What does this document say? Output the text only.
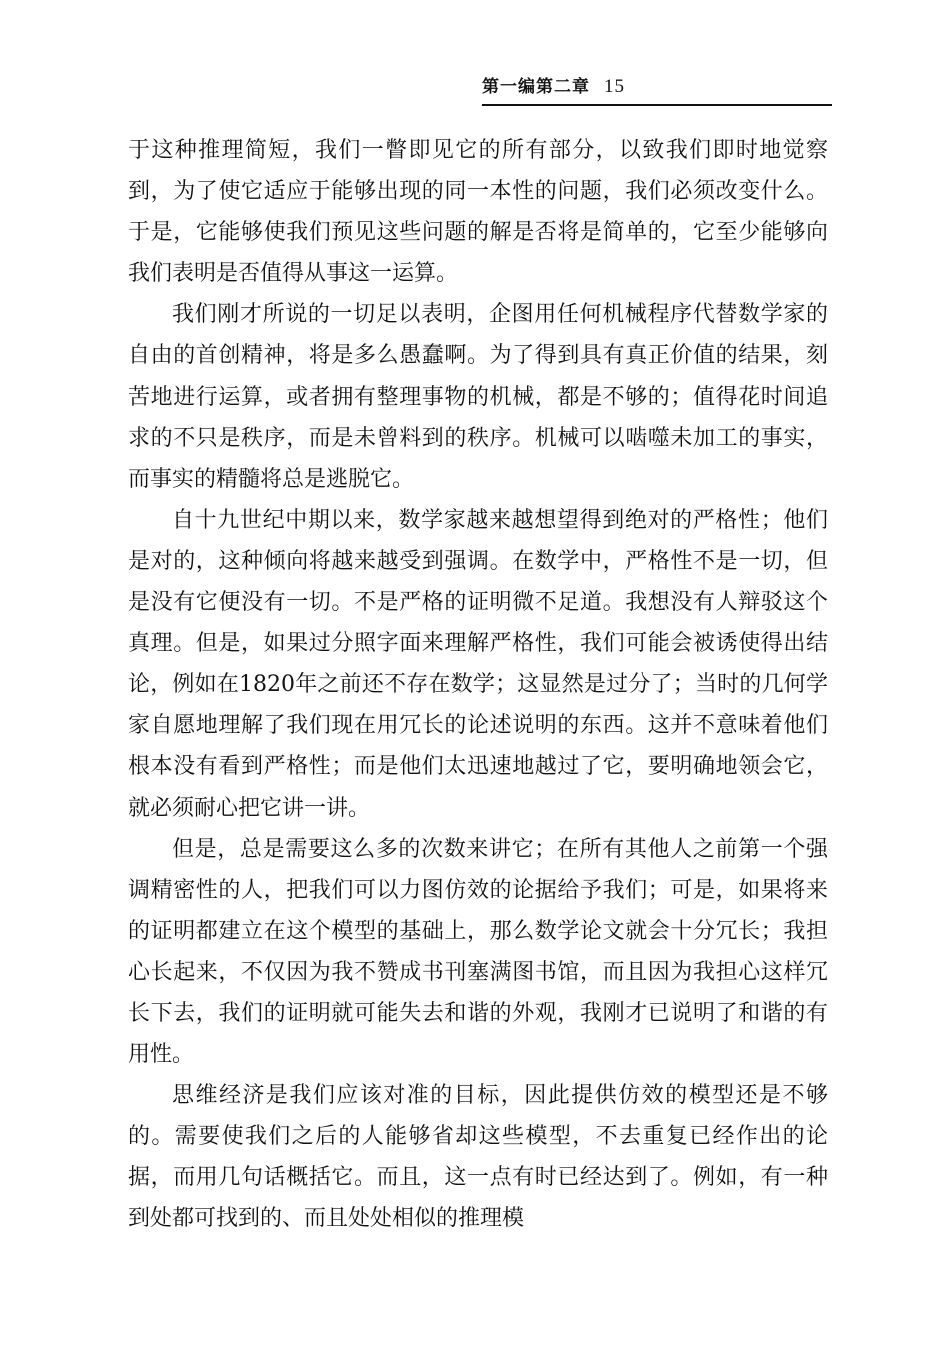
第一编第二章 15

于这种推理简短，我们一瞥即见它的所有部分，以致我们即时地觉察到，为了使它适应于能够出现的同一本性的问题，我们必须改变什么。于是，它能够使我们预见这些问题的解是否将是简单的，它至少能够向我们表明是否值得从事这一运算。

我们刚才所说的一切足以表明，企图用任何机械程序代替数学家的自由的首创精神，将是多么愚蠢啊。为了得到具有真正价值的结果，刻苦地进行运算，或者拥有整理事物的机械，都是不够的；值得花时间追求的不只是秩序，而是未曾料到的秩序。机械可以啮噬未加工的事实，而事实的精髓将总是逃脱它。

自十九世纪中期以来，数学家越来越想望得到绝对的严格性；他们是对的，这种倾向将越来越受到强调。在数学中，严格性不是一切，但是没有它便没有一切。不是严格的证明微不足道。我想没有人辩驳这个真理。但是，如果过分照字面来理解严格性，我们可能会被诱使得出结论，例如在1820年之前还不存在数学；这显然是过分了；当时的几何学家自愿地理解了我们现在用冗长的论述说明的东西。这并不意味着他们根本没有看到严格性；而是他们太迅速地越过了它，要明确地领会它，就必须耐心把它讲一讲。

但是，总是需要这么多的次数来讲它；在所有其他人之前第一个强调精密性的人，把我们可以力图仿效的论据给予我们；可是，如果将来的证明都建立在这个模型的基础上，那么数学论文就会十分冗长；我担心长起来，不仅因为我不赞成书刊塞满图书馆，而且因为我担心这样冗长下去，我们的证明就可能失去和谐的外观，我刚才已说明了和谐的有用性。

思维经济是我们应该对准的目标，因此提供仿效的模型还是不够的。需要使我们之后的人能够省却这些模型，不去重复已经作出的论据，而用几句话概括它。而且，这一点有时已经达到了。例如，有一种到处都可找到的、而且处处相似的推理模
